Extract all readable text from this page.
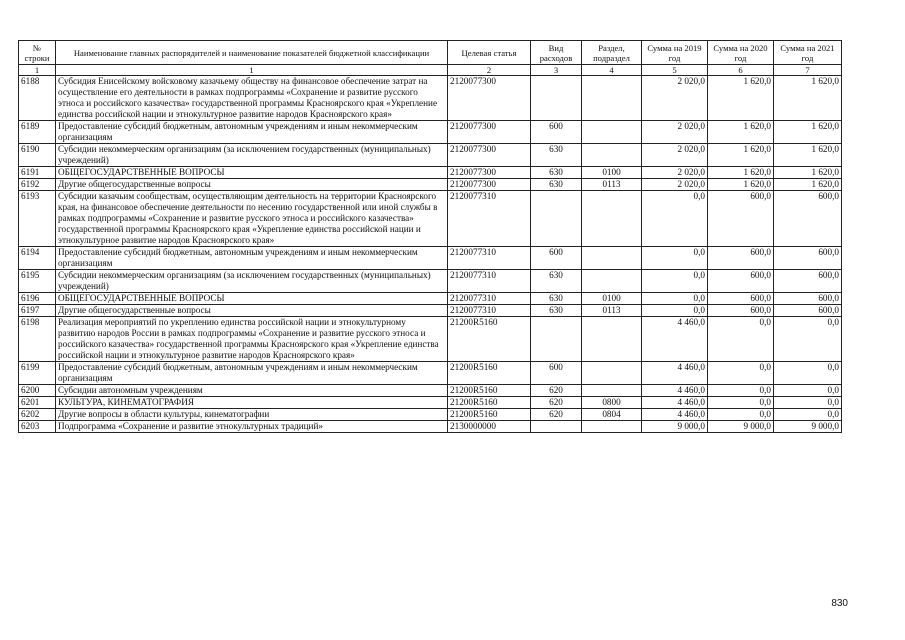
№ строки	Наименование главных распорядителей и наименование показателей бюджетной классификации	Целевая статья	Вид расходов	Раздел, подраздел	Сумма на 2019 год	Сумма на 2020 год	Сумма на 2021 год
1	1	2	3	4	5	6	7
6188	Субсидия Енисейскому войсковому казачьему обществу на финансовое обеспечение затрат на осуществление его деятельности в рамках подпрограммы «Сохранение и развитие русского этноса и российского казачества» государственной программы Красноярского края «Укрепление единства российской нации и этнокультурное развитие народов Красноярского края»	2120077300			2 020,0	1 620,0	1 620,0
6189	Предоставление субсидий бюджетным, автономным учреждениям и иным некоммерческим организациям	2120077300	600		2 020,0	1 620,0	1 620,0
6190	Субсидии некоммерческим организациям (за исключением государственных (муниципальных) учреждений)	2120077300	630		2 020,0	1 620,0	1 620,0
6191	ОБЩЕГОСУДАРСТВЕННЫЕ ВОПРОСЫ	2120077300	630	0100	2 020,0	1 620,0	1 620,0
6192	Другие общегосударственные вопросы	2120077300	630	0113	2 020,0	1 620,0	1 620,0
6193	Субсидии казачьим сообществам, осуществляющим деятельность на территории Красноярского края, на финансовое обеспечение деятельности по несению государственной или иной службы в рамках подпрограммы «Сохранение и развитие русского этноса и российского казачества» государственной программы Красноярского края «Укрепление единства российской нации и этнокультурное развитие народов Красноярского края»	2120077310			0,0	600,0	600,0
6194	Предоставление субсидий бюджетным, автономным учреждениям и иным некоммерческим организациям	2120077310	600		0,0	600,0	600,0
6195	Субсидии некоммерческим организациям (за исключением государственных (муниципальных) учреждений)	2120077310	630		0,0	600,0	600,0
6196	ОБЩЕГОСУДАРСТВЕННЫЕ ВОПРОСЫ	2120077310	630	0100	0,0	600,0	600,0
6197	Другие общегосударственные вопросы	2120077310	630	0113	0,0	600,0	600,0
6198	Реализация мероприятий по укреплению единства российской нации и этнокультурному развитию народов России в рамках подпрограммы «Сохранение и развитие русского этноса и российского казачества» государственной программы Красноярского края «Укрепление единства российской нации и этнокультурное развитие народов Красноярского края»	21200R5160			4 460,0	0,0	0,0
6199	Предоставление субсидий бюджетным, автономным учреждениям и иным некоммерческим организациям	21200R5160	600		4 460,0	0,0	0,0
6200	Субсидии автономным учреждениям	21200R5160	620		4 460,0	0,0	0,0
6201	КУЛЬТУРА, КИНЕМАТОГРАФИЯ	21200R5160	620	0800	4 460,0	0,0	0,0
6202	Другие вопросы в области культуры, кинематографии	21200R5160	620	0804	4 460,0	0,0	0,0
6203	Подпрограмма «Сохранение и развитие этнокультурных традиций»	2130000000			9 000,0	9 000,0	9 000,0
830
